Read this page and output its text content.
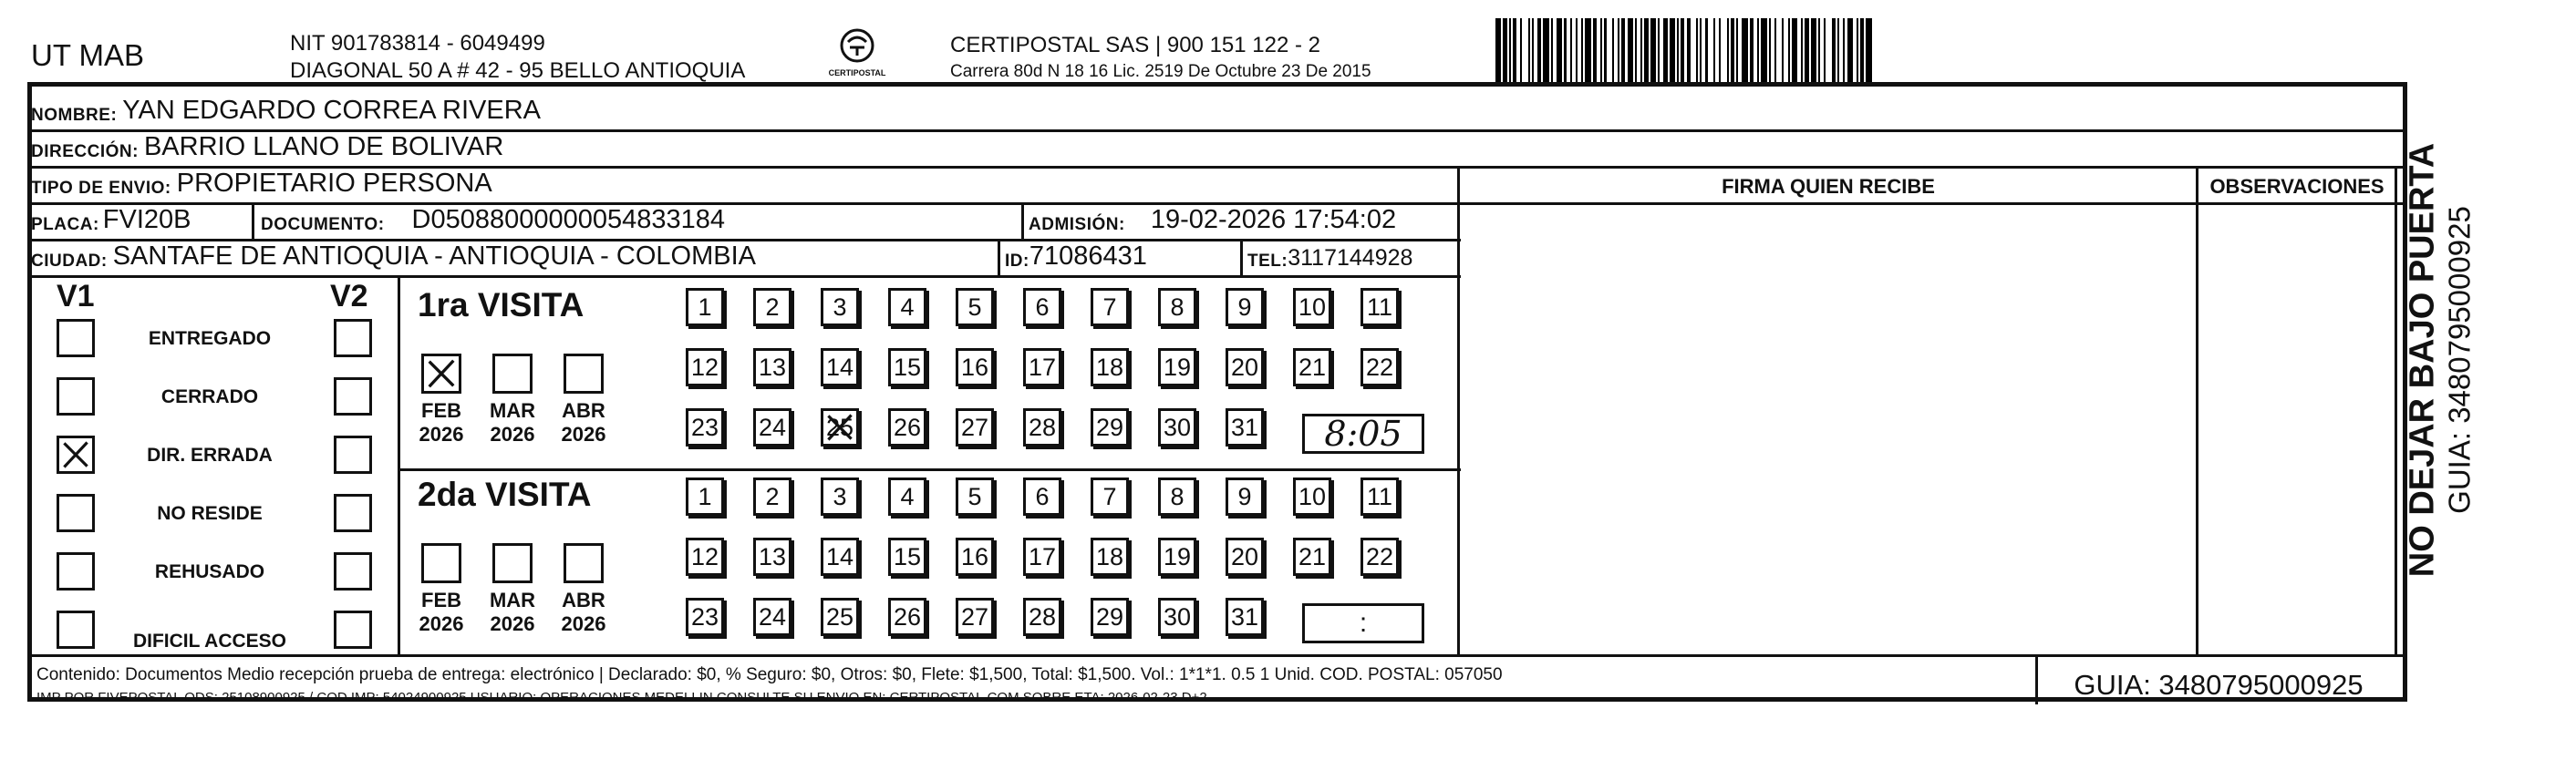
UT MAB	NIT 901783814 - 6049499
DIAGONAL 50 A # 42 - 95 BELLO ANTIOQUIA	CERTIPOSTAL
CERTIPOSTAL SAS | 900 151 122 - 2
Carrera 80d N 18 16 Lic. 2519 De Octubre 23 De 2015
NOMBRE: YAN EDGARDO CORREA RIVERA
DIRECCIÓN: BARRIO LLANO DE BOLIVAR
TIPO DE ENVIO: PROPIETARIO PERSONA	FIRMA QUIEN RECIBE	OBSERVACIONES
PLACA: FVI20B	DOCUMENTO: D05088000000054833184	ADMISIÓN: 19-02-2026 17:54:02
CIUDAD: SANTAFE DE ANTIOQUIA - ANTIOQUIA - COLOMBIA	ID: 71086431	TEL: 3117144928
V1	V2
ENTREGADO
CERRADO
DIR. ERRADA
NO RESIDE
REHUSADO
DIFICIL ACCESO
1ra VISITA
2da VISITA
FEB
2026
MAR
2026
ABR
2026
FEB
2026
MAR
2026
ABR
2026
1 2 3 4 5 6 7 8 9 10 11
12 13 14 15 16 17 18 19 20 21 22
23 24 25 26 27 28 29 30 31
1 2 3 4 5 6 7 8 9 10 11
12 13 14 15 16 17 18 19 20 21 22
23 24 25 26 27 28 29 30 31
8:05
:
Contenido: Documentos Medio recepción prueba de entrega: electrónico | Declarado: $0, % Seguro: $0, Otros: $0, Flete: $1,500, Total: $1,500. Vol.: 1*1*1. 0.5 1 Unid. COD. POSTAL: 057050
IMP POR FIVEPOSTAL ODS: 25108900925 / COD.IMP: 54024900925 USUARIO: OPERACIONES MEDELLIN CONSULTE SU ENVIO EN: CERTIPOSTAL.COM SOBRE ETA: 2026-02-23 D+2	GUIA: 3480795000925
NO DEJAR BAJO PUERTA GUIA: 3480795000925
